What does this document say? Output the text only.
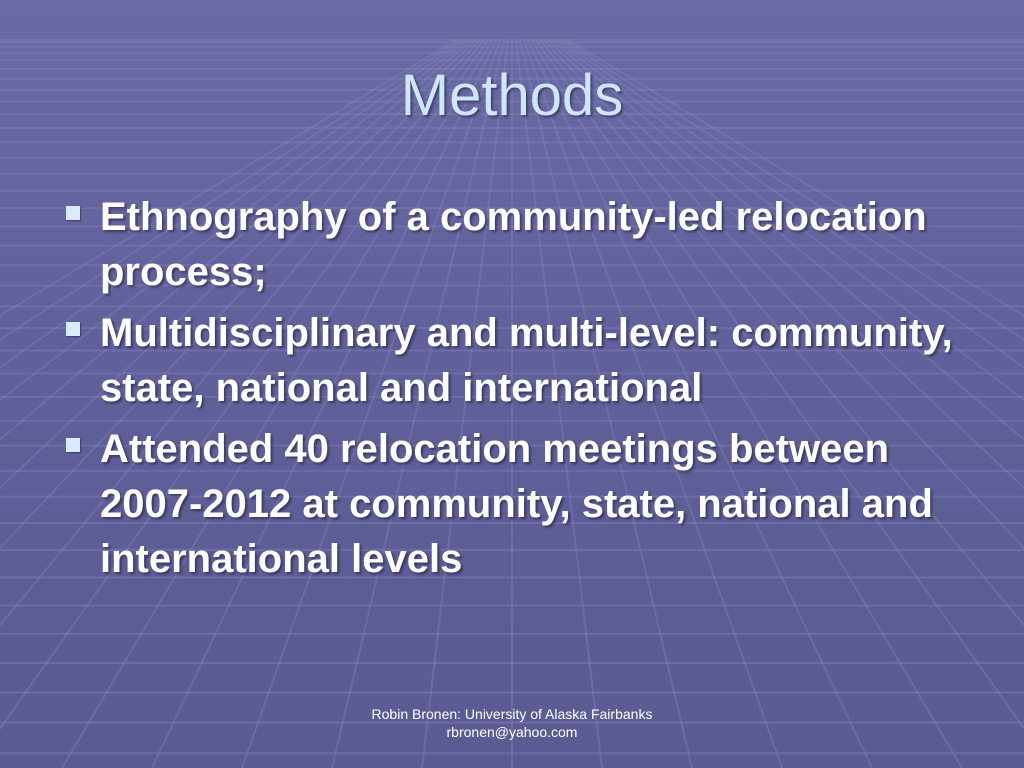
Methods
Ethnography of a community-led relocation process;
Multidisciplinary and multi-level: community, state, national and international
Attended 40 relocation meetings between 2007-2012 at community, state, national and international levels
Robin Bronen: University of Alaska Fairbanks
rbronen@yahoo.com
